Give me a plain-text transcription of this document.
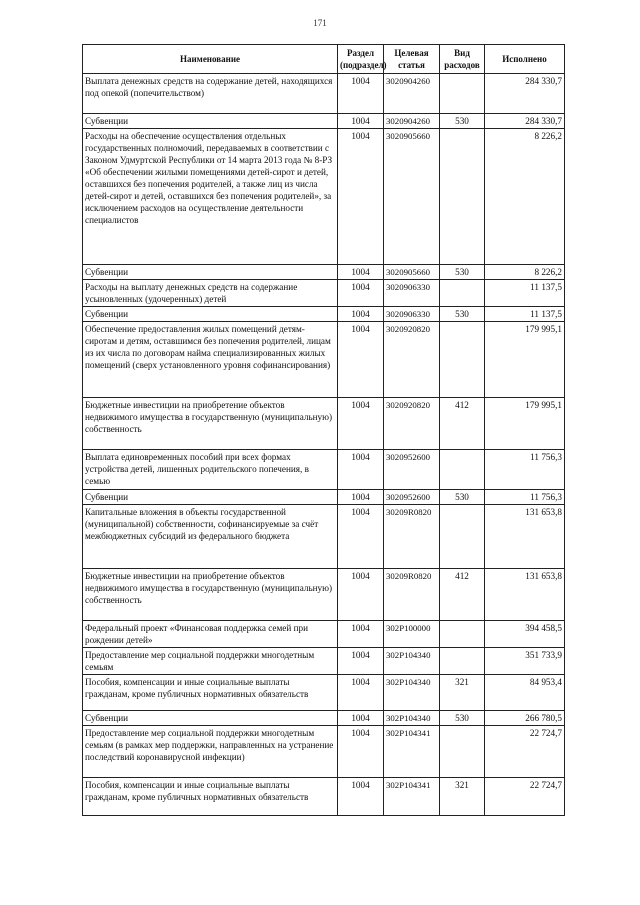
171
Наименование	Раздел (подраздел)	Целевая статья	Вид расходов	Исполнено
Выплата денежных средств на содержание детей, находящихся под опекой (попечительством)	1004	3020904260		284 330,7
Субвенции	1004	3020904260	530	284 330,7
Расходы на обеспечение осуществления отдельных государственных полномочий, передаваемых в соответствии с Законом Удмуртской Республики от 14 марта 2013 года № 8-РЗ «Об обеспечении жилыми помещениями детей-сирот и детей, оставшихся без попечения родителей, а также лиц из числа детей-сирот и детей, оставшихся без попечения родителей», за исключением расходов на осуществление деятельности специалистов	1004	3020905660		8 226,2
Субвенции	1004	3020905660	530	8 226,2
Расходы на выплату денежных средств на содержание усыновленных (удочеренных) детей	1004	3020906330		11 137,5
Субвенции	1004	3020906330	530	11 137,5
Обеспечение предоставления жилых помещений детям-сиротам и детям, оставшимся без попечения родителей, лицам из их числа по договорам найма специализированных жилых помещений (сверх установленного уровня софинансирования)	1004	3020920820		179 995,1
Бюджетные инвестиции на приобретение объектов недвижимого имущества в государственную (муниципальную) собственность	1004	3020920820	412	179 995,1
Выплата единовременных пособий при всех формах устройства детей, лишенных родительского попечения, в семью	1004	3020952600		11 756,3
Субвенции	1004	3020952600	530	11 756,3
Капитальные вложения в объекты государственной (муниципальной) собственности, софинансируемые за счёт межбюджетных субсидий из федерального бюджета	1004	30209R0820		131 653,8
Бюджетные инвестиции на приобретение объектов недвижимого имущества в государственную (муниципальную) собственность	1004	30209R0820	412	131 653,8
Федеральный проект «Финансовая поддержка семей при рождении детей»	1004	302P100000		394 458,5
Предоставление мер социальной поддержки многодетным семьям	1004	302P104340		351 733,9
Пособия, компенсации и иные социальные выплаты гражданам, кроме публичных нормативных обязательств	1004	302P104340	321	84 953,4
Субвенции	1004	302P104340	530	266 780,5
Предоставление мер социальной поддержки многодетным семьям (в рамках мер поддержки, направленных на устранение последствий коронавирусной инфекции)	1004	302P104341		22 724,7
Пособия, компенсации и иные социальные выплаты гражданам, кроме публичных нормативных обязательств	1004	302P104341	321	22 724,7
